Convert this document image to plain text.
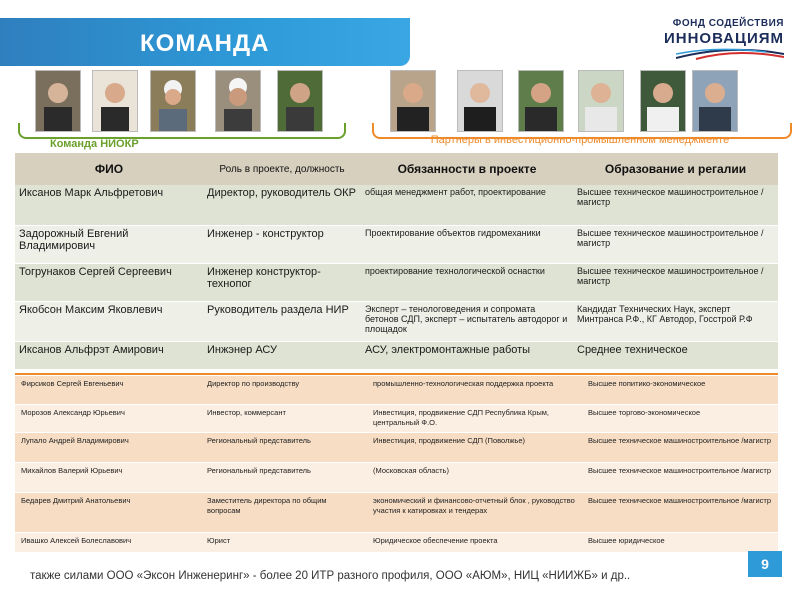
КОМАНДА
ФОНД СОДЕЙСТВИЯ
ИННОВАЦИЯМ
Команда НИОКР	Партнеры в инвестиционно-промышленном менеджменте
ФИО	Роль в проекте, должность	Обязанности в проекте	Образование и регалии
Иксанов Марк Альфретович	Директор, руководитель ОКР	общая менеджмент работ, проектирование	Высшее техническое машиностроительное /магистр
Задорожный Евгений Владимирович	Инженер - конструктор	Проектирование объектов гидромеханики	Высшее техническое машиностроительное /магистр
Тогрунаков Сергей Сергеевич	Инженер конструктор-технопог	проектирование технологической оснастки	Высшее техническое машиностроительное /магистр
Якобсон Максим Яковлевич	Руководитель раздела НИР	Эксперт – тенологоведения и сопромата бетонов СДП, эксперт – испытатель автодорог и площадок	Кандидат Технических Наук, эксперт Минтранса Р.Ф., КГ Автодор, Госстрой Р.Ф
Иксанов Альфрэт Амирович	Инжэнер АСУ	АСУ, электромонтажные работы	Среднее техническое
Фирсиков Сергей Евгеньевич	Директор по производству	промышленно-технологическая поддержка проекта	Высшее попитико-экономическое
Морозов Александр Юрьевич	Инвестор, коммерсант	Инвестиция, продвижение СДП Республика Крым, центральный Ф.О.	Высшее торгово-экономическое
Лупало Андрей Владимирович	Региональный представитель	Инвестиция, продвижение СДП (Поволжье)	Высшее техническое машиностроительное /магистр
Михайлов Валерий Юрьевич	Региональный представитель	(Московская область)	Высшее техническое машиностроительное /магистр
Бедарев Дмитрий Анатольевич	Заместитель директора по общим вопросам	экономический и финансово-отчетный блок , руководство участия к катировках и тендерах	Высшее техническое машиностроительное /магистр
Ивашко Алексей Болеславович	Юрист	Юридическое обеспечение проекта	Высшее юридическое
также силами ООО «Эксон Инженеринг» - более 20 ИТР разного профиля, ООО «АЮМ», НИЦ «НИИЖБ» и др..
9
